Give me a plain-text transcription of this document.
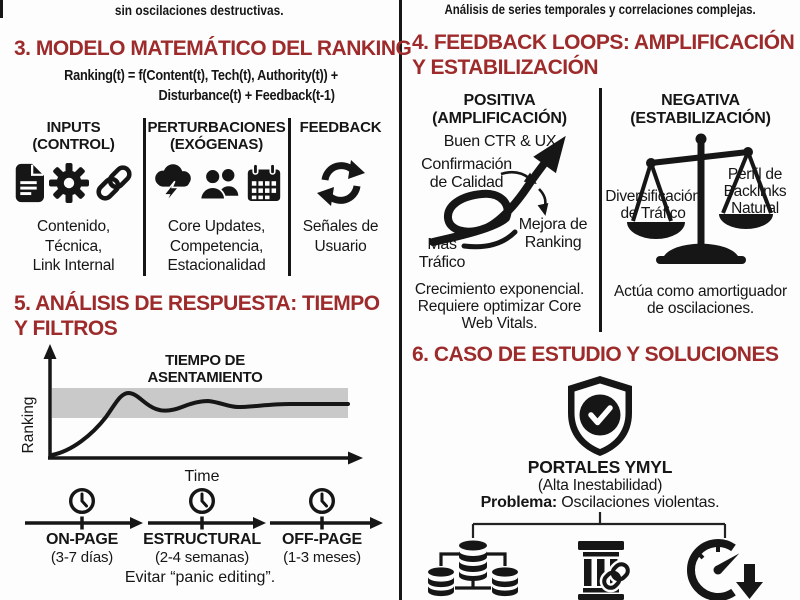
sin oscilaciones destructivas.
3. MODELO MATEMÁTICO DEL RANKING
Ranking(t) = f(Content(t), Tech(t), Authority(t)) +
Disturbance(t) + Feedback(t-1)
INPUTS
(CONTROL)
Contenido,
Técnica,
Link Internal
PERTURBACIONES
(EXÓGENAS)
Core Updates,
Competencia,
Estacionalidad
FEEDBACK

Señales de
Usuario
5. ANÁLISIS DE RESPUESTA: TIEMPO
Y FILTROS
TIEMPO DE
ASENTAMIENTO
Ranking
Time
ON-PAGE
(3-7 días)
ESTRUCTURAL
(2-4 semanas)
OFF-PAGE
(1-3 meses)
Evitar “panic editing”.
Análisis de series temporales y correlaciones complejas.
4. FEEDBACK LOOPS: AMPLIFICACIÓN
Y ESTABILIZACIÓN
POSITIVA
(AMPLIFICACIÓN)
Buen CTR & UX
Confirmación
de Calidad
Mejora de
Ranking
Más
Tráfico
Crecimiento exponencial.
Requiere optimizar Core
Web Vitals.
NEGATIVA
(ESTABILIZACIÓN)
Diversificación
de Tráfico
Perfil de
Backlinks
Natural
Actúa como amortiguador
de oscilaciones.
6. CASO DE ESTUDIO Y SOLUCIONES
PORTALES YMYL
(Alta Inestabilidad)
Problema: Oscilaciones violentas.
